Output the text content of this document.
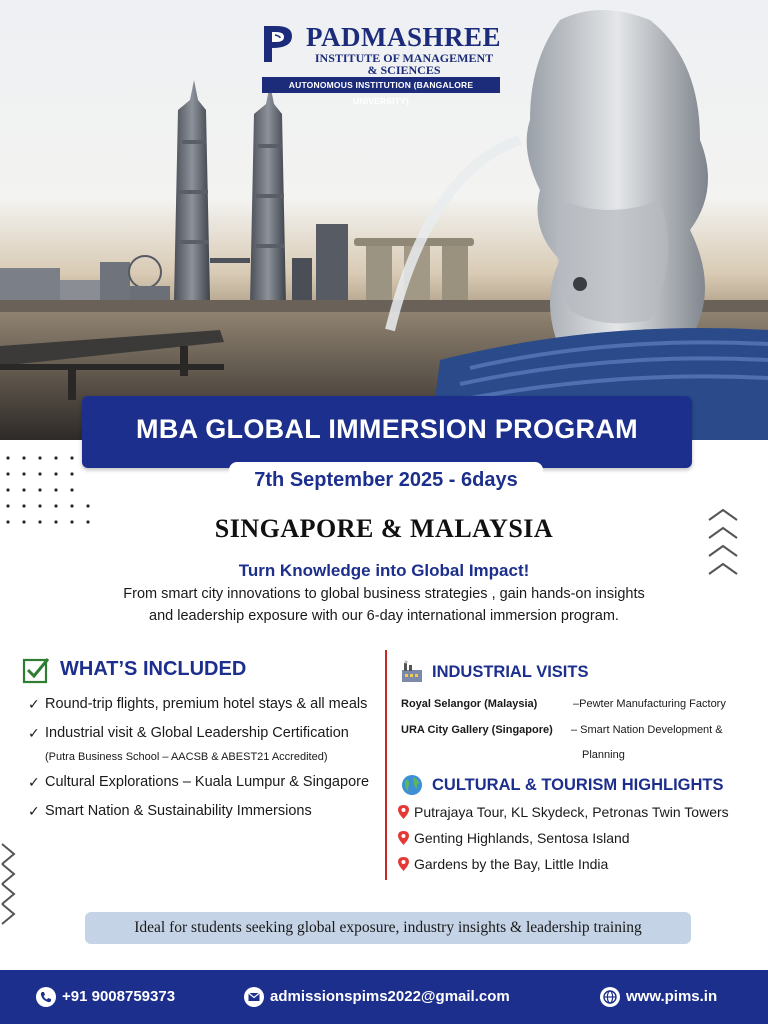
PADMASHREE
INSTITUTE OF MANAGEMENT
& SCIENCES
AUTONOMOUS INSTITUTION (BANGALORE UNIVERSITY)
MBA GLOBAL IMMERSION PROGRAM
7th September 2025 - 6days
SINGAPORE & MALAYSIA
Turn Knowledge into Global Impact!
From smart city innovations to global business strategies , gain hands-on insights
and leadership exposure with our 6-day international immersion program.
WHAT’S INCLUDED
✓ Round-trip flights, premium hotel stays & all meals
✓ Industrial visit & Global Leadership Certification
(Putra Business School – AACSB & ABEST21 Accredited)
✓ Cultural Explorations – Kuala Lumpur & Singapore
✓ Smart Nation & Sustainability Immersions
INDUSTRIAL VISITS
Royal Selangor (Malaysia)	–Pewter Manufacturing Factory
URA City Gallery (Singapore) – Smart Nation Development &
Planning
CULTURAL & TOURISM HIGHLIGHTS
Putrajaya Tour, KL Skydeck, Petronas Twin Towers
Genting Highlands, Sentosa Island
Gardens by the Bay, Little India
Ideal for students seeking global exposure, industry insights & leadership training
+91 9008759373	admissionspims2022@gmail.com	www.pims.in
